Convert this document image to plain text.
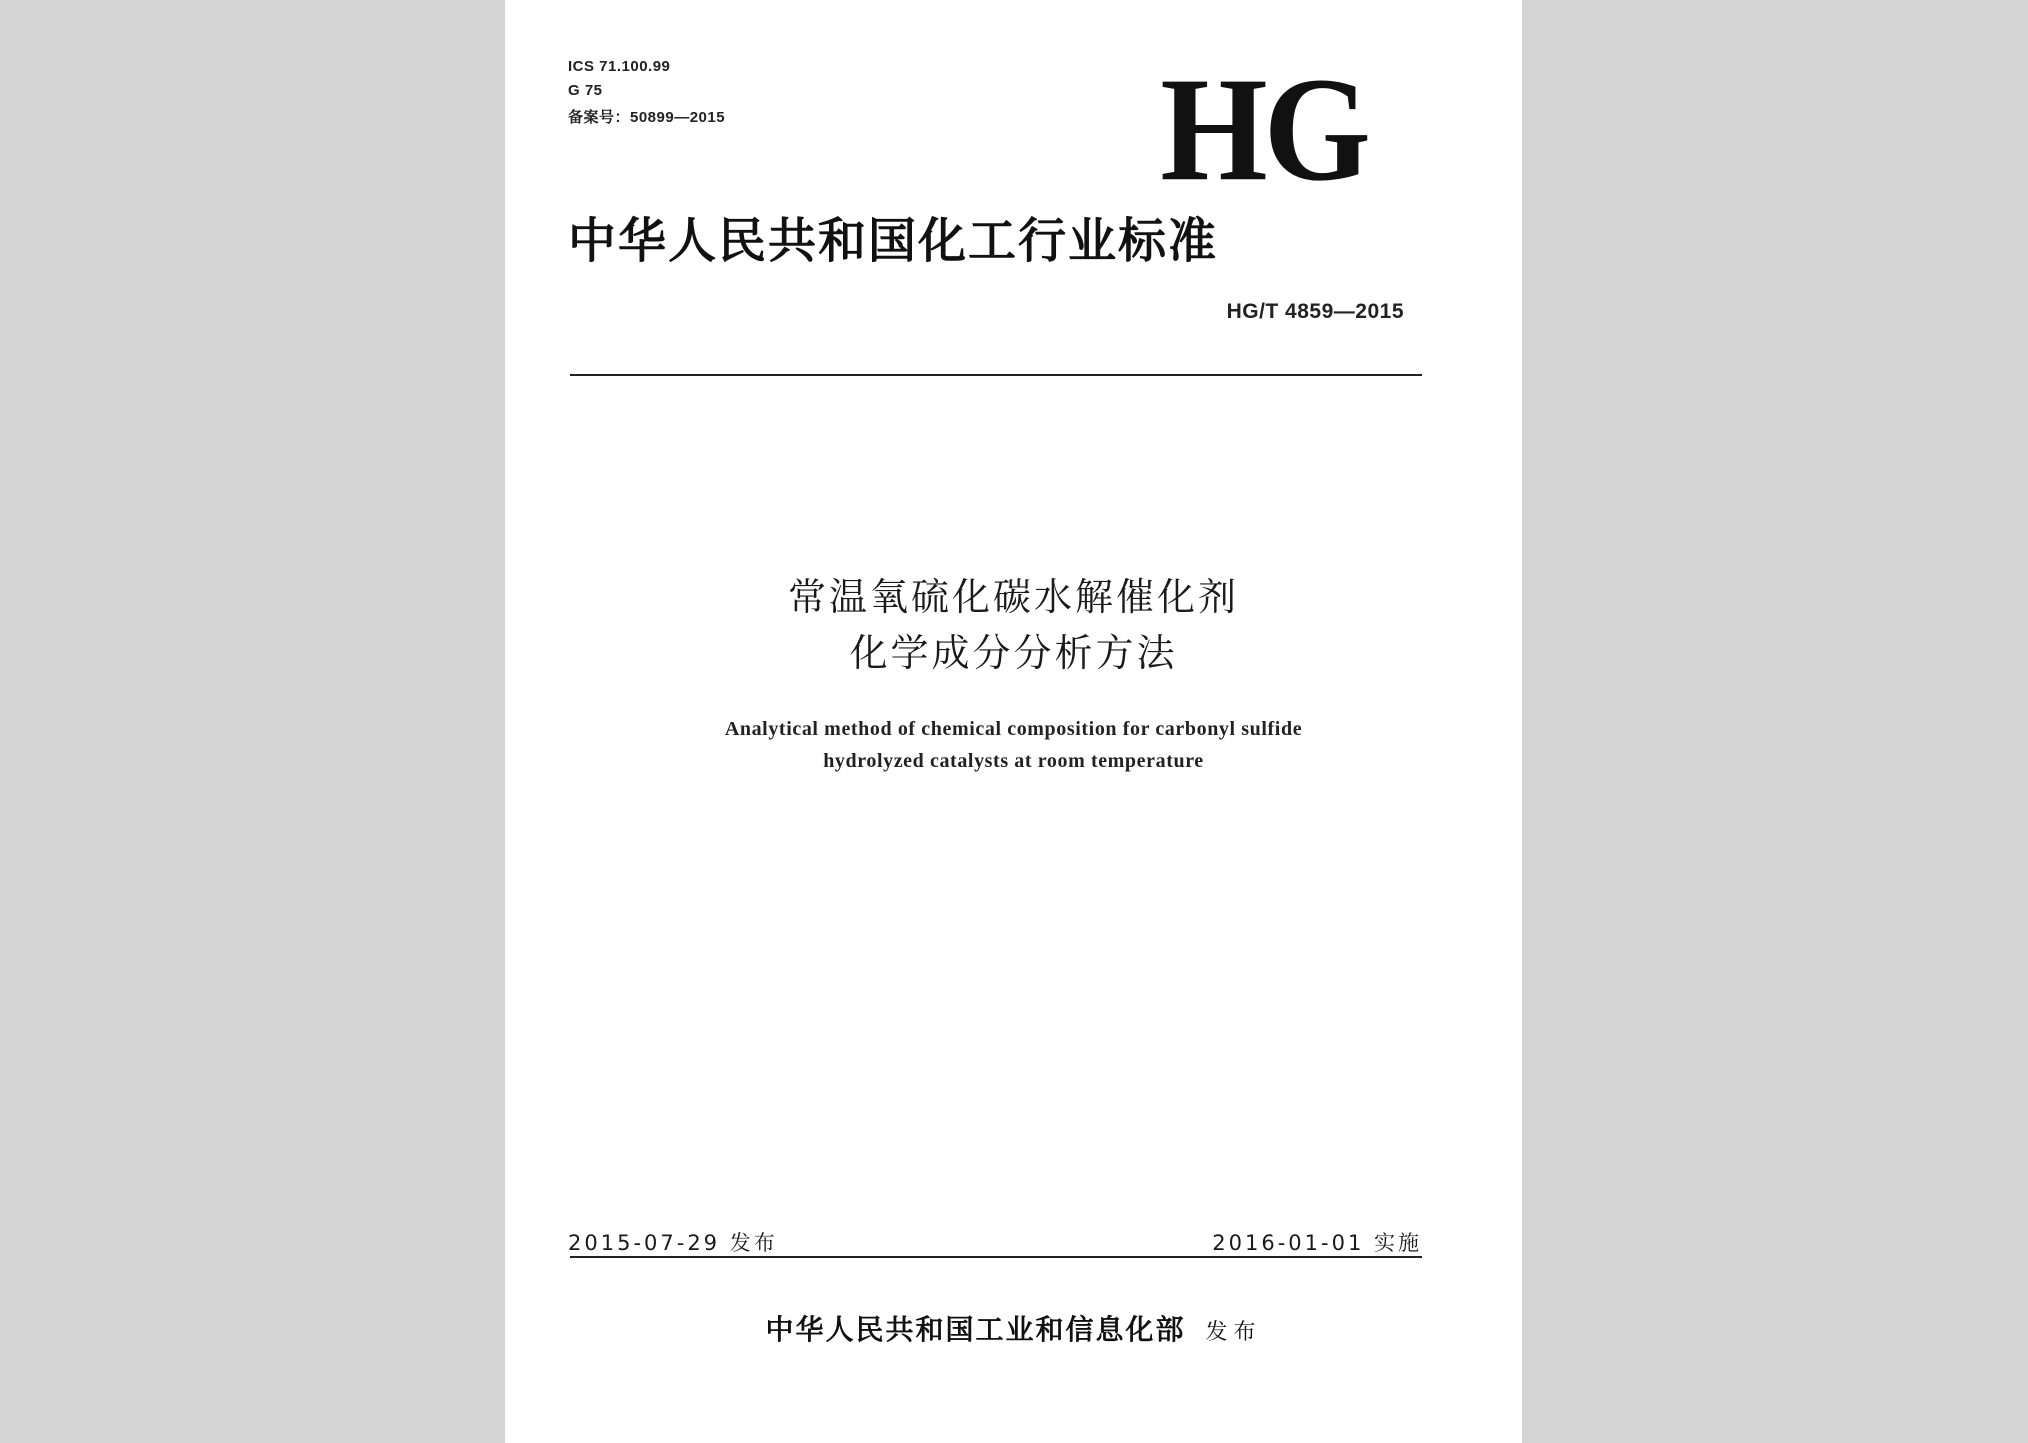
ICS 71.100.99
G 75
备案号：50899—2015	HG
中华人民共和国化工行业标准
HG/T 4859—2015
常温氧硫化碳水解催化剂
化学成分分析方法
Analytical method of chemical composition for carbonyl sulfide
hydrolyzed catalysts at room temperature
2015-07-29 发布	2016-01-01 实施
中华人民共和国工业和信息化部 发布
